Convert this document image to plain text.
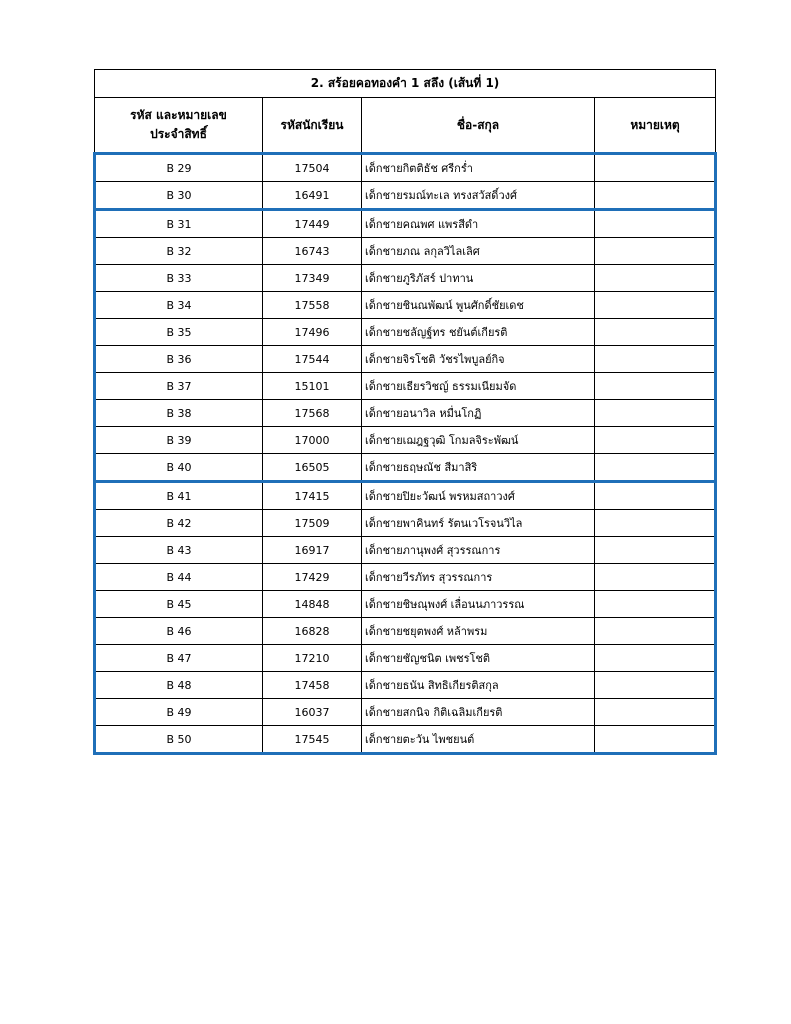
2. สร้อยคอทองคำ 1 สลึง (เส้นที่ 1)			

รหัส และหมายเลข
ประจำสิทธิ์	รหัสนักเรียน	ชื่อ-สกุล	หมายเหตุ
B 29	17504	เด็กชายกิตติธัช ศรีกร่ำ	
B 30	16491	เด็กชายรมณ์ทะเล ทรงสวัสดิ์วงศ์	
B 31	17449	เด็กชายคณพศ แพรสีดำ	
B 32	16743	เด็กชายภณ ลกุลวิไลเลิศ	
B 33	17349	เด็กชายภูริภัสร์ ปาทาน	
B 34	17558	เด็กชายชินณพัฒน์ พูนศักดิ์ชัยเดช	
B 35	17496	เด็กชายชลัญฐ์ทร ชยันต์เกียรติ	
B 36	17544	เด็กชายจิรโชติ วัชรไพบูลย์กิจ	
B 37	15101	เด็กชายเธียรวิชญ์ ธรรมเนียมจัด	
B 38	17568	เด็กชายอนาวิล หมื่นโกฏิ	
B 39	17000	เด็กชายเฌฎฐวุฒิ โกมลจิระพัฒน์	
B 40	16505	เด็กชายธฤษณัช สีมาสิริ	
B 41	17415	เด็กชายปิยะวัฒน์ พรหมสถาวงศ์	
B 42	17509	เด็กชายพาคินทร์ รัตนเวโรจนวิไล	
B 43	16917	เด็กชายภานุพงศ์ สุวรรณการ	
B 44	17429	เด็กชายวีรภัทร สุวรรณการ	
B 45	14848	เด็กชายชิษณุพงศ์ เลื่อนนภาวรรณ	
B 46	16828	เด็กชายชยุตพงศ์ หล้าพรม	
B 47	17210	เด็กชายชัญชนิต เพชรโชติ	
B 48	17458	เด็กชายธนัน สิทธิเกียรติสกุล	
B 49	16037	เด็กชายสกนิจ กิติเฉลิมเกียรติ	
B 50	17545	เด็กชายตะวัน ไพชยนต์	
